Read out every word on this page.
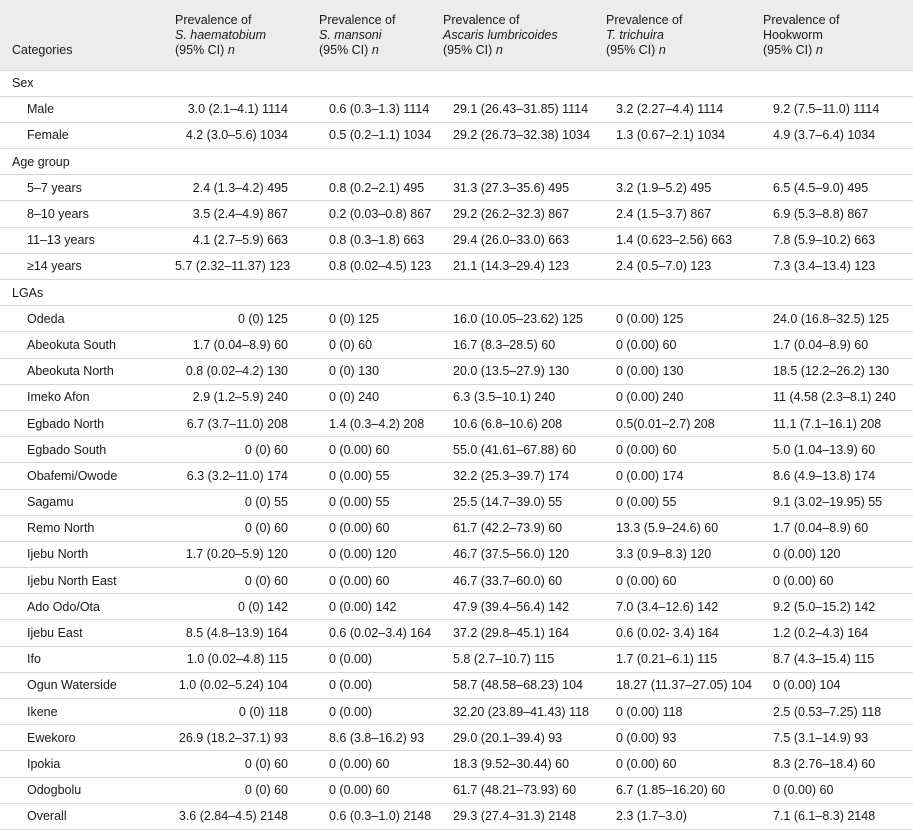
Categories	Prevalence of
S. haematobium
(95% CI) n	Prevalence of
S. mansoni
(95% CI) n	Prevalence of
Ascaris lumbricoides
(95% CI) n	Prevalence of
T. trichuira
(95% CI) n	Prevalence of
Hookworm
(95% CI) n

Sex					
Male	3.0 (2.1–4.1) 1114	0.6 (0.3–1.3) 1114	29.1 (26.43–31.85) 1114	3.2 (2.27–4.4) 1114	9.2 (7.5–11.0) 1114
Female	4.2 (3.0–5.6) 1034	0.5 (0.2–1.1) 1034	29.2 (26.73–32.38) 1034	1.3 (0.67–2.1) 1034	4.9 (3.7–6.4) 1034
Age group					
5–7 years	2.4 (1.3–4.2) 495	0.8 (0.2–2.1) 495	31.3 (27.3–35.6) 495	3.2 (1.9–5.2) 495	6.5 (4.5–9.0) 495
8–10 years	3.5 (2.4–4.9) 867	0.2 (0.03–0.8) 867	29.2 (26.2–32.3) 867	2.4 (1.5–3.7) 867	6.9 (5.3–8.8) 867
11–13 years	4.1 (2.7–5.9) 663	0.8 (0.3–1.8) 663	29.4 (26.0–33.0) 663	1.4 (0.623–2.56) 663	7.8 (5.9–10.2) 663
≥14 years	5.7 (2.32–11.37) 123	0.8 (0.02–4.5) 123	21.1 (14.3–29.4) 123	2.4 (0.5–7.0) 123	7.3 (3.4–13.4) 123
LGAs					
Odeda	0 (0) 125	0 (0) 125	16.0 (10.05–23.62) 125	0 (0.00) 125	24.0 (16.8–32.5) 125
Abeokuta South	1.7 (0.04–8.9) 60	0 (0) 60	16.7 (8.3–28.5) 60	0 (0.00) 60	1.7 (0.04–8.9) 60
Abeokuta North	0.8 (0.02–4.2) 130	0 (0) 130	20.0 (13.5–27.9) 130	0 (0.00) 130	18.5 (12.2–26.2) 130
Imeko Afon	2.9 (1.2–5.9) 240	0 (0) 240	6.3 (3.5–10.1) 240	0 (0.00) 240	11 (4.58 (2.3–8.1) 240
Egbado North	6.7 (3.7–11.0) 208	1.4 (0.3–4.2) 208	10.6 (6.8–10.6) 208	0.5(0.01–2.7) 208	11.1 (7.1–16.1) 208
Egbado South	0 (0) 60	0 (0.00) 60	55.0 (41.61–67.88) 60	0 (0.00) 60	5.0 (1.04–13.9) 60
Obafemi/Owode	6.3 (3.2–11.0) 174	0 (0.00) 55	32.2 (25.3–39.7) 174	0 (0.00) 174	8.6 (4.9–13.8) 174
Sagamu	0 (0) 55	0 (0.00) 55	25.5 (14.7–39.0) 55	0 (0.00) 55	9.1 (3.02–19.95) 55
Remo North	0 (0) 60	0 (0.00) 60	61.7 (42.2–73.9) 60	13.3 (5.9–24.6) 60	1.7 (0.04–8.9) 60
Ijebu North	1.7 (0.20–5.9) 120	0 (0.00) 120	46.7 (37.5–56.0) 120	3.3 (0.9–8.3) 120	0 (0.00) 120
Ijebu North East	0 (0) 60	0 (0.00) 60	46.7 (33.7–60.0) 60	0 (0.00) 60	0 (0.00) 60
Ado Odo/Ota	0 (0) 142	0 (0.00) 142	47.9 (39.4–56.4) 142	7.0 (3.4–12.6) 142	9.2 (5.0–15.2) 142
Ijebu East	8.5 (4.8–13.9) 164	0.6 (0.02–3.4) 164	37.2 (29.8–45.1) 164	0.6 (0.02- 3.4) 164	1.2 (0.2–4.3) 164
Ifo	1.0 (0.02–4.8) 115	0 (0.00)	5.8 (2.7–10.7) 115	1.7 (0.21–6.1) 115	8.7 (4.3–15.4) 115
Ogun Waterside	1.0 (0.02–5.24) 104	0 (0.00)	58.7 (48.58–68.23) 104	18.27 (11.37–27.05) 104	0 (0.00) 104
Ikene	0 (0) 118	0 (0.00)	32.20 (23.89–41.43) 118	0 (0.00) 118	2.5 (0.53–7.25) 118
Ewekoro	26.9 (18.2–37.1) 93	8.6 (3.8–16.2) 93	29.0 (20.1–39.4) 93	0 (0.00) 93	7.5 (3.1–14.9) 93
Ipokia	0 (0) 60	0 (0.00) 60	18.3 (9.52–30.44) 60	0 (0.00) 60	8.3 (2.76–18.4) 60
Odogbolu	0 (0) 60	0 (0.00) 60	61.7 (48.21–73.93) 60	6.7 (1.85–16.20) 60	0 (0.00) 60
Overall	3.6 (2.84–4.5) 2148	0.6 (0.3–1.0) 2148	29.3 (27.4–31.3) 2148	2.3 (1.7–3.0)	7.1 (6.1–8.3) 2148
